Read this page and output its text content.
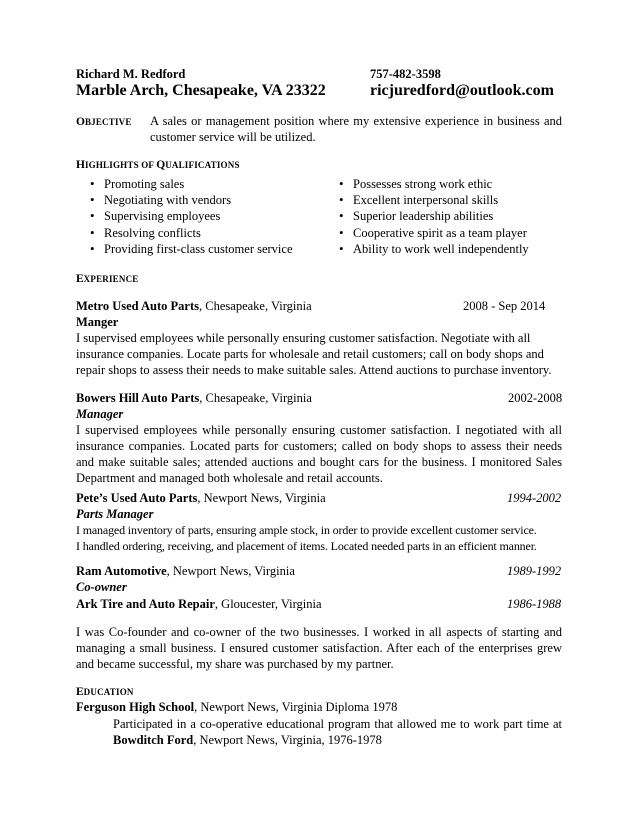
Richard M. Redford
Marble Arch, Chesapeake, VA 23322
757-482-3598
ricjuredford@outlook.com
OBJECTIVE A sales or management position where my extensive experience in business and
customer service will be utilized.
HIGHLIGHTS OF QUALIFICATIONS
• Promoting sales
• Negotiating with vendors
• Supervising employees
• Resolving conflicts
• Providing first-class customer service
• Possesses strong work ethic
• Excellent interpersonal skills
• Superior leadership abilities
• Cooperative spirit as a team player
• Ability to work well independently
EXPERIENCE
Metro Used Auto Parts, Chesapeake, Virginia	2008 - Sep 2014
Manger
I supervised employees while personally ensuring customer satisfaction. Negotiate with all
insurance companies. Locate parts for wholesale and retail customers; call on body shops and
repair shops to assess their needs to make suitable sales. Attend auctions to purchase inventory.
Bowers Hill Auto Parts, Chesapeake, Virginia	2002-2008
Manager
I supervised employees while personally ensuring customer satisfaction. I negotiated with all
insurance companies. Located parts for customers; called on body shops to assess their needs
and make suitable sales; attended auctions and bought cars for the business. I monitored Sales
Department and managed both wholesale and retail accounts.
Pete’s Used Auto Parts, Newport News, Virginia	1994-2002
Parts Manager
I managed inventory of parts, ensuring ample stock, in order to provide excellent customer service.
I handled ordering, receiving, and placement of items. Located needed parts in an efficient manner.
Ram Automotive, Newport News, Virginia	1989-1992
Co-owner
Ark Tire and Auto Repair, Gloucester, Virginia	1986-1988
I was Co-founder and co-owner of the two businesses. I worked in all aspects of starting and
managing a small business. I ensured customer satisfaction. After each of the enterprises grew
and became successful, my share was purchased by my partner.
EDUCATION
Ferguson High School, Newport News, Virginia Diploma 1978
Participated in a co-operative educational program that allowed me to work part time at
Bowditch Ford, Newport News, Virginia, 1976-1978
